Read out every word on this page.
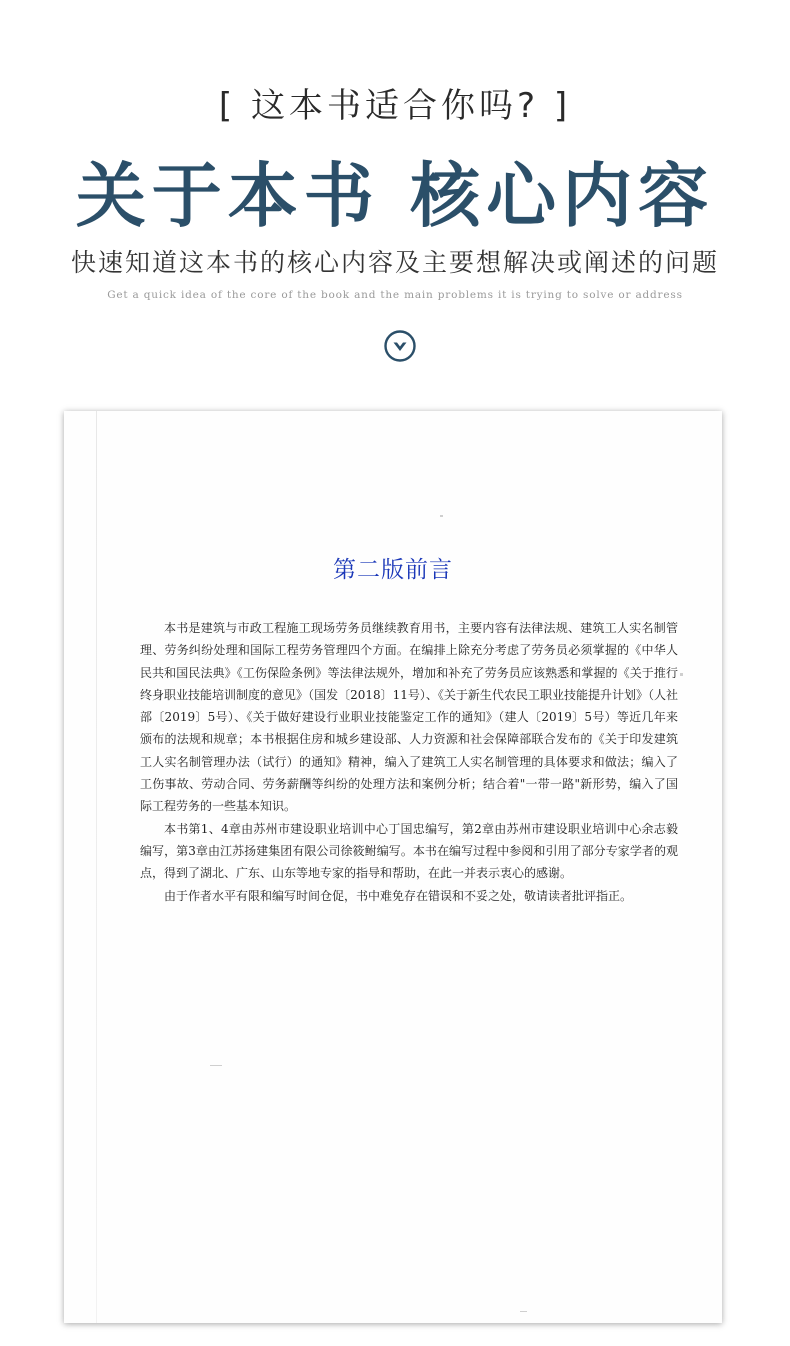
[ 这本书适合你吗? ]
关于本书 核心内容
快速知道这本书的核心内容及主要想解决或阐述的问题
Get a quick idea of the core of the book and the main problems it is trying to solve or address
第二版前言

本书是建筑与市政工程施工现场劳务员继续教育用书，主要内容有法律法规、建筑工人实名制管理、劳务纠纷处理和国际工程劳务管理四个方面。在编排上除充分考虑了劳务员必须掌握的《中华人民共和国民法典》《工伤保险条例》等法律法规外，增加和补充了劳务员应该熟悉和掌握的《关于推行终身职业技能培训制度的意见》（国发〔2018〕11号）、《关于新生代农民工职业技能提升计划》（人社部〔2019〕5号）、《关于做好建设行业职业技能鉴定工作的通知》（建人〔2019〕5号）等近几年来颁布的法规和规章；本书根据住房和城乡建设部、人力资源和社会保障部联合发布的《关于印发建筑工人实名制管理办法（试行）的通知》精神，编入了建筑工人实名制管理的具体要求和做法；编入了工伤事故、劳动合同、劳务薪酬等纠纷的处理方法和案例分析；结合着"一带一路"新形势，编入了国际工程劳务的一些基本知识。

本书第1、4章由苏州市建设职业培训中心丁国忠编写，第2章由苏州市建设职业培训中心余志毅编写，第3章由江苏扬建集团有限公司徐筱鲋编写。本书在编写过程中参阅和引用了部分专家学者的观点，得到了湖北、广东、山东等地专家的指导和帮助，在此一并表示衷心的感谢。

由于作者水平有限和编写时间仓促，书中难免存在错误和不妥之处，敬请读者批评指正。
